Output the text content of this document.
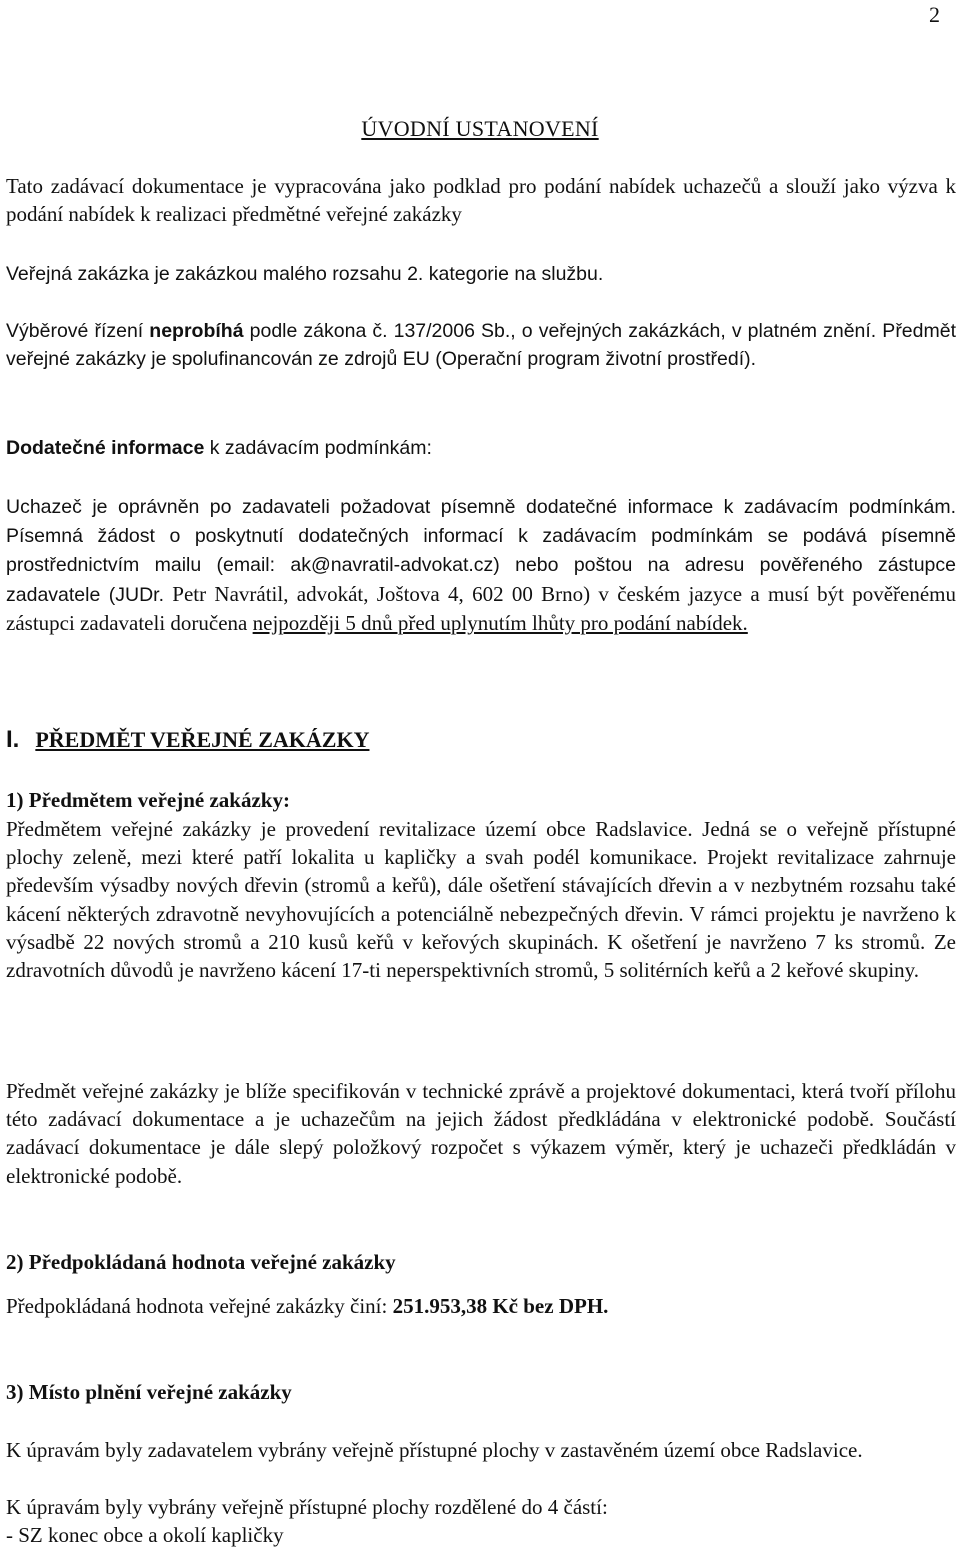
2
ÚVODNÍ USTANOVENÍ

Tato zadávací dokumentace je vypracována jako podklad pro podání nabídek uchazečů a slouží jako výzva k podání nabídek k realizaci předmětné veřejné zakázky

Veřejná zakázka je zakázkou malého rozsahu 2. kategorie na službu.

Výběrové řízení neprobíhá podle zákona č. 137/2006 Sb., o veřejných zakázkách, v platném znění. Předmět veřejné zakázky je spolufinancován ze zdrojů EU (Operační program životní prostředí).

Dodatečné informace k zadávacím podmínkám:

Uchazeč je oprávněn po zadavateli požadovat písemně dodatečné informace k zadávacím podmínkám. Písemná žádost o poskytnutí dodatečných informací k zadávacím podmínkám se podává písemně prostřednictvím mailu (email: ak@navratil-advokat.cz) nebo poštou na adresu pověřeného zástupce zadavatele (JUDr. Petr Navrátil, advokát, Joštova 4, 602 00 Brno) v českém jazyce a musí být pověřenému zástupci zadavateli doručena nejpozději 5 dnů před uplynutím lhůty pro podání nabídek.

I. PŘEDMĚT VEŘEJNÉ ZAKÁZKY
1) Předmětem veřejné zakázky:

Předmětem veřejné zakázky je provedení revitalizace území obce Radslavice. Jedná se o veřejně přístupné plochy zeleně, mezi které patří lokalita u kapličky a svah podél komunikace. Projekt revitalizace zahrnuje především výsadby nových dřevin (stromů a keřů), dále ošetření stávajících dřevin a v nezbytném rozsahu také kácení některých zdravotně nevyhovujících a potenciálně nebezpečných dřevin. V rámci projektu je navrženo k výsadbě 22 nových stromů a 210 kusů keřů v keřových skupinách. K ošetření je navrženo 7 ks stromů. Ze zdravotních důvodů je navrženo kácení 17-ti neperspektivních stromů, 5 solitérních keřů a 2 keřové skupiny.

Předmět veřejné zakázky je blíže specifikován v technické zprávě a projektové dokumentaci, která tvoří přílohu této zadávací dokumentace a je uchazečům na jejich žádost předkládána v elektronické podobě. Součástí zadávací dokumentace je dále slepý položkový rozpočet s výkazem výměr, který je uchazeči předkládán v elektronické podobě.

2) Předpokládaná hodnota veřejné zakázky

Předpokládaná hodnota veřejné zakázky činí: 251.953,38 Kč bez DPH.

3) Místo plnění veřejné zakázky

K úpravám byly zadavatelem vybrány veřejně přístupné plochy v zastavěném území obce Radslavice.

K úpravám byly vybrány veřejně přístupné plochy rozdělené do 4 částí:

- SZ konec obce a okolí kapličky
